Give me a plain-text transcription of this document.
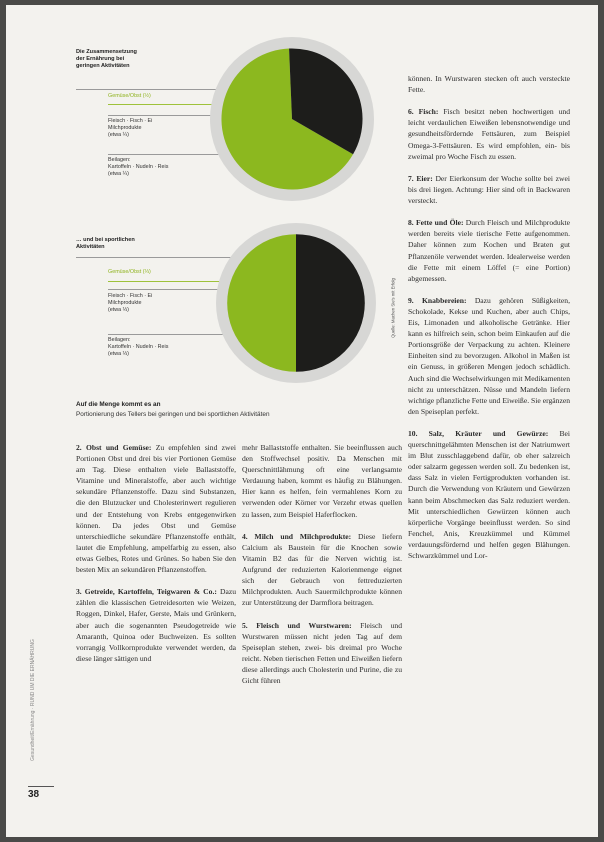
Die Zusammensetzung
der Ernährung bei
geringen Aktivitäten
Gemüse/Obst (½)
Fleisch · Fisch · Ei
Milchprodukte
(etwa ¼)
Beilagen:
Kartoffeln · Nudeln · Reis
(etwa ¼)
… und bei sportlichen
Aktivitäten
Gemüse/Obst (⅓)
Fleisch · Fisch · Ei
Milchprodukte
(etwa ⅓)
Beilagen:
Kartoffeln · Nudeln · Reis
(etwa ⅓)
Quelle: Machen Sie's mit Erfolg
Auf die Menge kommt es an
Portionierung des Tellers bei geringen und bei sportlichen Aktivitäten

2. Obst und Gemüse: Zu empfehlen sind zwei Portionen Obst und drei bis vier Portionen Gemüse am Tag. Diese enthalten viele Ballaststoffe, Vitamine und Mineralstoffe, aber auch wichtige sekundäre Pflanzenstoffe. Dazu sind Substanzen, die den Blutzucker und Cholesterinwert regulieren und der Entstehung von Krebs entgegenwirken können. Da jedes Obst und Gemüse unterschiedliche sekundäre Pflanzenstoffe enthält, lautet die Empfehlung, ampelfarbig zu essen, also etwas Gelbes, Rotes und Grünes. So haben Sie den besten Mix an sekundären Pflanzenstoffen.

3. Getreide, Kartoffeln, Teigwaren & Co.: Dazu zählen die klassischen Getreidesorten wie Weizen, Roggen, Dinkel, Hafer, Gerste, Mais und Grünkern, aber auch die sogenannten Pseudogetreide wie Amaranth, Quinoa oder Buchweizen. Es sollten vorrangig Vollkornprodukte verwendet werden, da diese länger sättigen und

mehr Ballaststoffe enthalten. Sie beeinflussen auch den Stoffwechsel positiv. Da Menschen mit Querschnittlähmung oft eine verlangsamte Verdauung haben, kommt es häufig zu Blähungen. Hier kann es helfen, fein vermahlenes Korn zu verwenden oder Körner vor Verzehr etwas quellen zu lassen, zum Beispiel Haferflocken.

4. Milch und Milchprodukte: Diese liefern Calcium als Baustein für die Knochen sowie Vitamin B2 das für die Nerven wichtig ist. Aufgrund der reduzierten Kalorienmenge eignet sich der Gebrauch von fettreduzierten Milchprodukten. Auch Sauermilchprodukte können zur Unterstützung der Darmflora beitragen.

5. Fleisch und Wurstwaren: Fleisch und Wurstwaren müssen nicht jeden Tag auf dem Speiseplan stehen, zwei- bis dreimal pro Woche reicht. Neben tierischen Fetten und Eiweißen liefern diese allerdings auch Cholesterin und Purine, die zu Gicht führen

können. In Wurstwaren stecken oft auch versteckte Fette.

6. Fisch: Fisch besitzt neben hochwertigen und leicht verdaulichen Eiweißen lebensnotwendige und gesundheitsfördernde Fettsäuren, zum Beispiel Omega-3-Fettsäuren. Es wird empfohlen, ein- bis zweimal pro Woche Fisch zu essen.

7. Eier: Der Eierkonsum der Woche sollte bei zwei bis drei liegen. Achtung: Hier sind oft in Backwaren versteckt.

8. Fette und Öle: Durch Fleisch und Milchprodukte werden bereits viele tierische Fette aufgenommen. Daher können zum Kochen und Braten gut Pflanzenöle verwendet werden. Idealerweise werden die Fette mit einem Löffel (= eine Portion) abgemessen.

9. Knabbereien: Dazu gehören Süßigkeiten, Schokolade, Kekse und Kuchen, aber auch Chips, Eis, Limonaden und alkoholische Getränke. Hier kann es hilfreich sein, schon beim Einkaufen auf die Portionsgröße der Verpackung zu achten. Kleinere Einheiten sind zu bevorzugen. Alkohol in Maßen ist ein Genuss, in größeren Mengen jedoch schädlich. Auch sind die Wechselwirkungen mit Medikamenten nicht zu unterschätzen. Nüsse und Mandeln liefern wichtige pflanzliche Fette und Eiweiße. Sie ergänzen den Speiseplan perfekt.

10. Salz, Kräuter und Gewürze: Bei querschnittgelähmten Menschen ist der Natriumwert im Blut zusschlaggebend dafür, ob eher salzreich oder salzarm gegessen werden soll. Zu bedenken ist, dass Salz in vielen Fertigprodukten vorhanden ist. Durch die Verwendung von Kräutern und Gewürzen kann beim Abschmecken das Salz reduziert werden. Mit unterschiedlichen Gewürzen können auch körperliche Vorgänge beeinflusst werden. So sind Fenchel, Anis, Kreuzkümmel und Kümmel verdauungsfördernd und helfen gegen Blähungen. Schwarzkümmel und Lor-

Gesundheit/Ernährung · RUND UM DIE ERNÄHRUNG
38
